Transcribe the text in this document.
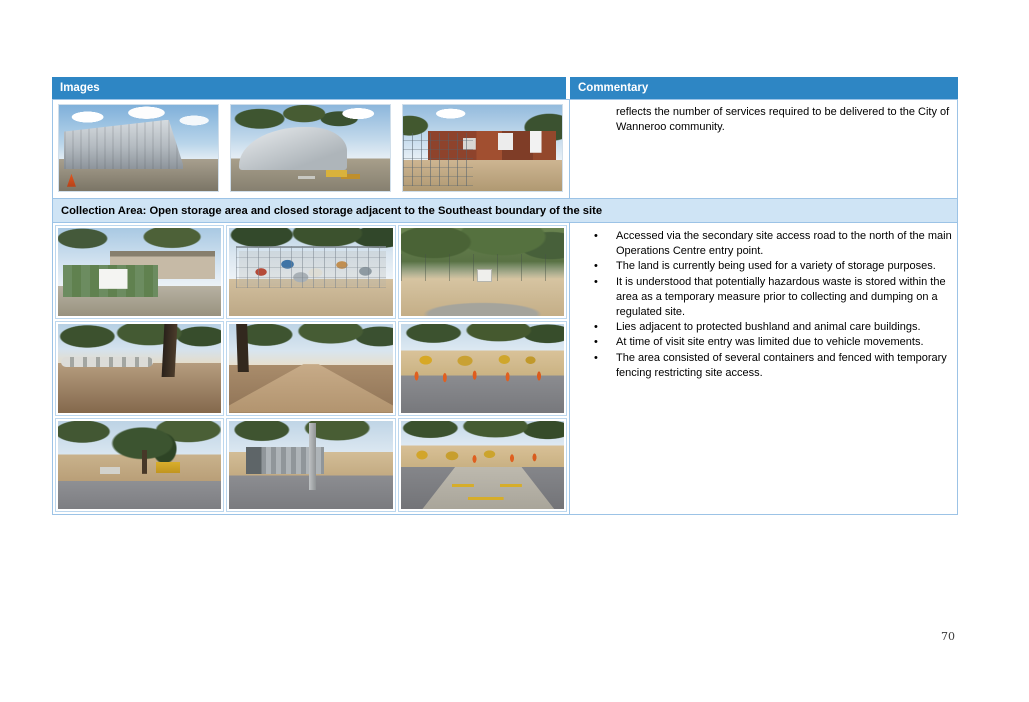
Images	Commentary
reflects the number of services required to be delivered to the City of Wanneroo community.
Collection Area: Open storage area and closed storage adjacent to the Southeast boundary of the site
• Accessed via the secondary site access road to the north of the main Operations Centre entry point.
• The land is currently being used for a variety of storage purposes.
• It is understood that potentially hazardous waste is stored within the area as a temporary measure prior to collecting and dumping on a regulated site.
• Lies adjacent to protected bushland and animal care buildings.
• At time of visit site entry was limited due to vehicle movements.
• The area consisted of several containers and fenced with temporary fencing restricting site access.
70
